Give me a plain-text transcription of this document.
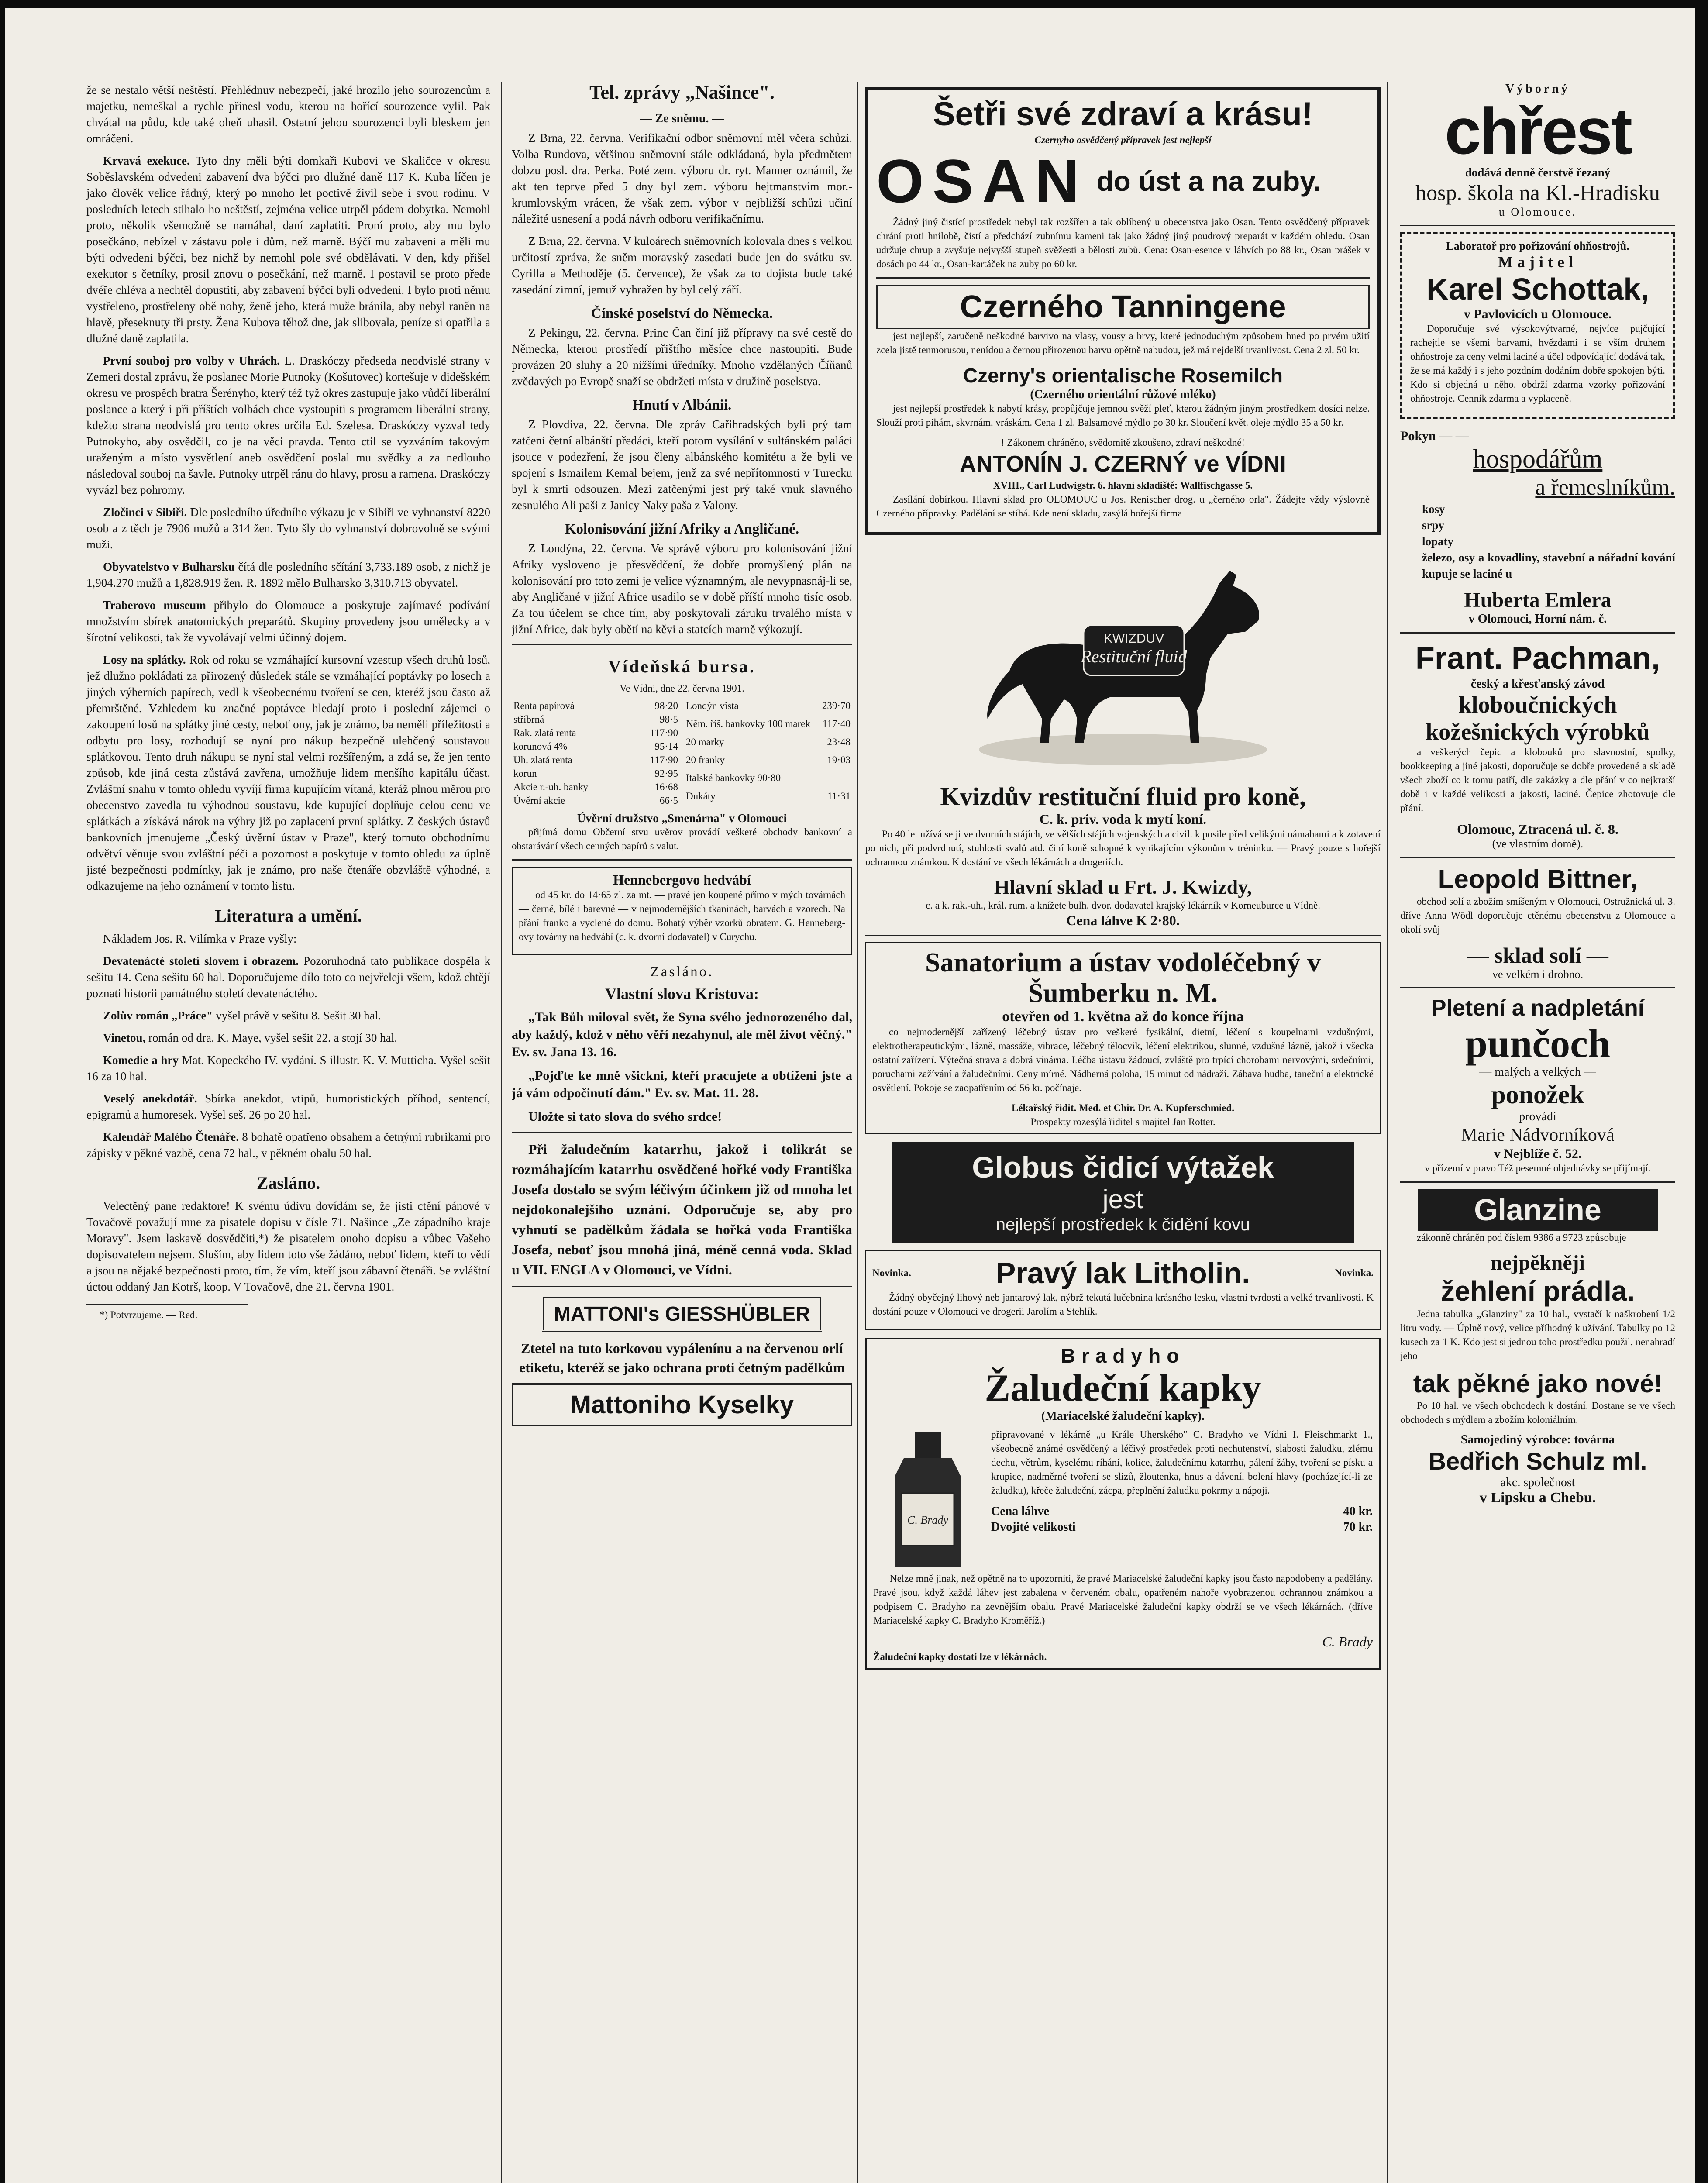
že se nestalo větší neštěstí. Přehlédnuv nebezpečí, jaké hrozilo jeho sourozencům a majetku, nemeškal a rychle přinesl vodu, kterou na hořící sourozence vylil. Pak chvátal na půdu, kde také oheň uhasil. Ostatní jehou sourozenci byli bleskem jen omráčeni.

Krvavá exekuce. Tyto dny měli býti domkaři Kubovi ve Skaličce v okresu Soběslavském odvedeni zabavení dva býčci pro dlužné daně 117 K. Kuba líčen je jako člověk velice řádný, který po mnoho let poctivě živil sebe i svou rodinu. V posledních letech stihalo ho neštěstí, zejména velice utrpěl pádem dobytka. Nemohl proto, několik všemožně se namáhal, daní zaplatiti. Proní proto, aby mu bylo posečkáno, nebízel v zástavu pole i dům, než marně. Býčí mu zabaveni a měli mu býti odvedeni býčci, bez nichž by nemohl pole své obdělávati. V den, kdy přišel exekutor s četníky, prosil znovu o posečkání, než marně. I postavil se proto přede dvéře chléva a nechtěl dopustiti, aby zabavení býčci byli odvedeni. I bylo proti němu vystřeleno, prostřeleny obě nohy, ženě jeho, která muže bránila, aby nebyl raněn na hlavě, přeseknuty tři prsty. Žena Kubova těhož dne, jak slibovala, peníze si opatřila a dlužné daně zaplatila.

První souboj pro volby v Uhrách. L. Draskóczy předseda neodvislé strany v Zemeri dostal zprávu, že poslanec Morie Putnoky (Košutovec) kortešuje v didešském okresu ve prospěch bratra Šerényho, který též tyž okres zastupuje jako vůdčí liberální poslance a který i při příštích volbách chce vystoupiti s programem liberální strany, kdežto strana neodvislá pro tento okres určila Ed. Szelesa. Draskóczy vyzval tedy Putnokyho, aby osvědčil, co je na věci pravda. Tento ctil se vyzváním takovým uraženým a místo vysvětlení aneb osvědčení poslal mu svědky a za nedlouho následoval souboj na šavle. Putnoky utrpěl ránu do hlavy, prosu a ramena. Draskóczy vyvázl bez pohromy.

Zločinci v Sibiři. Dle posledního úředního výkazu je v Sibiři ve vyhnanství 8220 osob a z těch je 7906 mužů a 314 žen. Tyto šly do vyhnanství dobrovolně se svými muži.

Obyvatelstvo v Bulharsku čítá dle posledního sčítání 3,733.189 osob, z nichž je 1,904.270 mužů a 1,828.919 žen. R. 1892 mělo Bulharsko 3,310.713 obyvatel.

Traberovo museum přibylo do Olomouce a poskytuje zajímavé podívání množstvím sbírek anatomických preparátů. Skupiny provedeny jsou umělecky a v šírotní velikosti, tak že vyvolávají velmi účinný dojem.

Losy na splátky. Rok od roku se vzmáhající kursovní vzestup všech druhů losů, jež dlužno pokládati za přirozený důsledek stále se vzmáhající poptávky po losech a jiných výherních papírech, vedl k všeobecnému tvoření se cen, kteréž jsou často až přemrštěné. Vzhledem ku značné poptávce hledají proto i poslední zájemci o zakoupení losů na splátky jiné cesty, neboť ony, jak je známo, ba neměli příležitosti a odbytu pro losy, rozhodují se nyní pro nákup bezpečně ulehčený soustavou splátkovou. Tento druh nákupu se nyní stal velmi rozšířeným, a zdá se, že jen tento způsob, kde jiná cesta zůstává zavřena, umožňuje lidem menšího kapitálu účast. Zvláštní snahu v tomto ohledu vyvíjí firma kupujícím vítaná, kteráž plnou měrou pro obecenstvo zavedla tu výhodnou soustavu, kde kupující doplňuje celou cenu ve splátkách a získává nárok na výhry již po zaplacení první splátky. Z českých ústavů bankovních jmenujeme „Český úvěrní ústav v Praze", který tomuto obchodnímu odvětví věnuje svou zvláštní péči a pozornost a poskytuje v tomto ohledu za úplně jisté bezpečnosti podmínky, jak je známo, pro naše čtenáře obzvláště výhodné, a odkazujeme na jeho oznámení v tomto listu.

Literatura a umění.

Nákladem Jos. R. Vilímka v Praze vyšly:

Devatenácté století slovem i obrazem. Pozoruhodná tato publikace dospěla k sešitu 14. Cena sešitu 60 hal. Doporučujeme dílo toto co nejvřeleji všem, kdož chtějí poznati historii památného století devatenáctého.

Zolův román „Práce" vyšel právě v sešitu 8. Sešit 30 hal.

Vinetou, román od dra. K. Maye, vyšel sešit 22. a stojí 30 hal.

Komedie a hry Mat. Kopeckého IV. vydání. S illustr. K. V. Muttichа. Vyšel sešit 16 za 10 hal.

Veselý anekdotář. Sbírka anekdot, vtipů, humoristických příhod, sentencí, epigramů a humoresek. Vyšel seš. 26 po 20 hal.

Kalendář Malého Čtenáře. 8 bohatě opatřeno obsahem a četnými rubrikami pro zápisky v pěkné vazbě, cena 72 hal., v pěkném obalu 50 hal.

Zasláno.

Velectěný pane redaktore! K svému údivu dovídám se, že jisti ctění pánové v Tovačově považují mne za pisatele dopisu v čísle 71. Našince „Ze západního kraje Moravy". Jsem laskavě dosvědčiti,*) že pisatelem onoho dopisu a vůbec Vašeho dopisovatelem nejsem. Sluším, aby lidem toto vše žádáno, neboť lidem, kteří to vědí a jsou na nějaké bezpečnosti proto, tím, že vím, kteří jsou zábavní čtenáři. Se zvláštní úctou oddaný Jan Kotrš, koop. V Tovačově, dne 21. června 1901.

*) Potvrzujeme. — Red.

Tel. zprávy „Našince".
— Ze sněmu. —

Z Brna, 22. června. Verifikační odbor sněmovní měl včera schůzi. Volba Rundova, většinou sněmovní stále odkládaná, byla předmětem dobzu posl. dra. Perka. Poté zem. výboru dr. ryt. Manner oznámil, že akt ten teprve před 5 dny byl zem. výboru hejtmanstvím mor.-krumlovským vrácen, že však zem. výbor v nejbližší schůzi učiní náležité usnesení a podá návrh odboru verifikačnímu.

Z Brna, 22. června. V kuloárech sněmovních kolovala dnes s velkou určitostí zpráva, že sněm moravský zasedati bude jen do svátku sv. Cyrilla a Methoděje (5. července), že však za to dojista bude také zasedání zimní, jemuž vyhražen by byl celý září.

Čínské poselství do Německa.

Z Pekingu, 22. června. Princ Čan činí již přípravy na své cestě do Německa, kterou prostředí přištího měsíce chce nastoupiti. Bude provázen 20 sluhy a 20 nižšími úředníky. Mnoho vzdělaných Číňanů zvědavých po Evropě snaží se obdržeti místa v družině poselstva.

Hnutí v Albánii.

Z Plovdiva, 22. června. Dle zpráv Cařihradských byli prý tam zatčeni četní albánští předáci, kteří potom vysílání v sultánském paláci jsouce v podezření, že jsou členy albánského komitétu a že byli ve spojení s Ismailem Kemal bejem, jenž za své nepřítomnosti v Turecku byl k smrti odsouzen. Mezi zatčenými jest prý také vnuk slavného zesnulého Ali paši z Janicy Naky paša z Valony.

Kolonisování jižní Afriky a Angličané.

Z Londýna, 22. června. Ve správě výboru pro kolonisování jižní Afriky vysloveno je přesvědčení, že dobře promyšlený plán na kolonisování pro toto zemi je velice významným, ale nevypnasnáj-li se, aby Angličané v jižní Africe usadilo se v době příští mnoho tisíc osob. Za tou účelem se chce tím, aby poskytovali záruku trvalého místa v jižní Africe, dak byly obětí na kěvi a statcích marně výkozují.

Vídeňská bursa.
Ve Vídni, dne 22. června 1901.
Renta papírová	98·20
stříbrná	98·5
Rak. zlatá renta	117·90
korunová 4%	95·14
Uh. zlatá renta	117·90
korun	92·95
Akcie r.-uh. banky	16·68
Úvěrní akcie	66·5
Londýn vista	239·70
Něm. říš. bankovky 100 marek	117·40
20 marky	23·48
20 franky	19·03
Italské bankovky 90·80	
Dukáty	11·31
Úvěrní družstvo „Smenárna" v Olomouci

přijímá domu Občerní stvu uvěrov provádí veškeré obchody bankovní a obstarávání všech cenných papírů s valut.

Hennebergovo hedvábí

od 45 kr. do 14·65 zl. za mt. — pravé jen koupené přímo v mých továrnách — černé, bílé i barevné — v nejmodernějších tkaninách, barvách a vzorech. Na přání franko a vyclené do domu. Bohatý výběr vzorků obratem. G. Henneberg-ovy továrny na hedvábí (c. k. dvorní dodavatel) v Curychu.

Zasláno.
Vlastní slova Kristova:

„Tak Bůh miloval svět, že Syna svého jednorozeného dal, aby každý, kdož v něho věří nezahynul, ale měl život věčný." Ev. sv. Jana 13. 16.

„Pojďte ke mně všickni, kteří pracujete a obtíženi jste a já vám odpočinutí dám." Ev. sv. Mat. 11. 28.

Uložte si tato slova do svého srdce!

Při žaludečním katarrhu, jakož i tolikrát se rozmáhajícím katarrhu osvědčené hořké vody Františka Josefa dostalo se svým léčivým účinkem již od mnoha let nejdokonalejšího uznání. Odporučuje se, aby pro vyhnutí se padělkům žádala se hořká voda Františka Josefa, neboť jsou mnohá jiná, méně cenná voda. Sklad u VII. ENGLA v Olomouci, ve Vídni.

MATTONI's GIESSHÜBLER

Ztetel na tuto korkovou vypálenínu a na červenou orlí etiketu, kteréž se jako ochrana proti četným padělkům

Mattoniho Kyselky
Šetři své zdraví a krásu!
Czernyho osvědčený přípravek jest nejlepší
OSAN do úst a na zuby.

Žádný jiný čistící prostředek nebyl tak rozšířen a tak oblíbený u obecenstva jako Osan. Tento osvědčený přípravek chrání proti hnilobě, čistí a předchází zubnímu kameni tak jako žádný jiný poudrový preparát v každém ohledu. Osan udržuje chrup a zvyšuje nejvyšší stupeň svěžesti a bělosti zubů. Cena: Osan-esence v láhvích po 88 kr., Osan prášek v dosách po 44 kr., Osan-kartáček na zuby po 60 kr.

Czerného Tanningene

jest nejlepší, zaručeně neškodné barvivo na vlasy, vousy a brvy, které jednoduchým způsobem hned po prvém užití zcela jistě tenmorusou, nenídou a černou přirozenou barvu opětně nabudou, jež má nejdelší trvanlivost. Cena 2 zl. 50 kr.

Czerny's orientalische Rosemilch
(Czerného orientální růžové mléko)

jest nejlepší prostředek k nabytí krásy, propůjčuje jemnou svěží pleť, kterou žádným jiným prostředkem dosíci nelze. Slouží proti pihám, skvrnám, vráskám. Cena 1 zl. Balsamové mýdlo po 30 kr. Sloučení květ. oleje mýdlo 35 a 50 kr.

! Zákonem chráněno, svědomitě zkoušeno, zdraví neškodné!
ANTONÍN J. CZERNÝ ve VÍDNI
XVIII., Carl Ludwigstr. 6. hlavní skladiště: Wallfischgasse 5.

Zasílání dobírkou. Hlavní sklad pro OLOMOUC u Jos. Renischer drog. u „černého orla". Žádejte vždy výslovně Czerného přípravky. Padělání se stíhá. Kde není skladu, zasýlá hořejší firma

KWIZDUV
Restituční fluid
Kvizdův restituční fluid pro koně,
C. k. priv. voda k mytí koní.

Po 40 let užívá se ji ve dvorních stájích, ve větších stájích vojenských a civil. k posile před velikými námahami a k zotavení po nich, při podvrdnutí, stuhlosti svalů atd. činí koně schopné k vynikajícím výkonům v tréninku. — Pravý pouze s hořejší ochrannou známkou. K dostání ve všech lékárnách a drogeriích.

Hlavní sklad u Frt. J. Kwizdy,
c. a k. rak.-uh., král. rum. a knížete bulh. dvor. dodavatel krajský lékárník v Korneuburce u Vídně.
Cena láhve K 2·80.
Sanatorium a ústav vodoléčebný v Šumberku n. M.
otevřen od 1. května až do konce října

co nejmodernější zařízený léčebný ústav pro veškeré fysikální, dietní, léčení s koupelnami vzdušnými, elektrotherapeutickými, lázně, massáže, vibrace, léčebný tělocvik, léčení elektrikou, slunné, vzdušné lázně, jakož i všecka ostatní zařízení. Výtečná strava a dobrá vinárna. Léčba ústavu žádoucí, zvláště pro trpící chorobami nervovými, srdečními, poruchami zažívání a žaludečními. Ceny mírné. Nádherná poloha, 15 minut od nádraží. Zábava hudba, taneční a elektrické osvětlení. Pokoje se zaopatřením od 56 kr. počínaje.

Lékařský řidit. Med. et Chir. Dr. A. Kupferschmied.
Prospekty rozesýlá řiditel s majitel Jan Rotter.
Globus čidicí výtažek
jest
nejlepší prostředek k čidění kovu
Novinka.	Pravý lak Litholin.	Novinka.

Žádný obyčejný lihový neb jantarový lak, nýbrž tekutá lučebnina krásného lesku, vlastní tvrdosti a velké trvanlivosti. K dostání pouze v Olomouci ve drogerii Jarolím a Stehlík.

Bradyho
Žaludeční kapky
(Mariacelské žaludeční kapky).
C. Brady

připravované v lékárně „u Krále Uherského" C. Bradyho ve Vídni I. Fleischmarkt 1., všeobecně známé osvědčený a léčivý prostředek proti nechutenství, slabosti žaludku, zlému dechu, větrům, kyselému ríhání, kolice, žaludečnímu katarrhu, pálení žáhy, tvoření se písku a krupice, nadměrné tvoření se slizů, žloutenka, hnus a dávení, bolení hlavy (pocházející-li ze žaludku), křeče žaludeční, zácpa, přeplnění žaludku pokrmy a nápoji.

Cena láhve	40 kr.
Dvojité velikosti	70 kr.

Nelze mně jinak, než opětně na to upozorniti, že pravé Mariacelské žaludeční kapky jsou často napodobeny a padělány. Pravé jsou, když každá láhev jest zabalena v červeném obalu, opatřeném nahoře vyobrazenou ochrannou známkou a podpisem C. Bradyho na zevnějším obalu. Pravé Mariacelské žaludeční kapky obdrží se ve všech lékárnách. (dříve Mariacelské kapky C. Bradyho Kroměříž.)

C. Brady
Žaludeční kapky dostati lze v lékárnách.
Výborný
chřest
dodává denně čerstvě řezaný
hosp. škola na Kl.-Hradisku
u Olomouce.
Laboratoř pro pořizování ohňostrojů.
Majitel
Karel Schottak,
v Pavlovicích u Olomouce.

Doporučuje své výsokovýtvarné, nejvíce pujčující rachejtle se všemi barvami, hvězdami i se vším druhem ohňostroje za ceny velmi laciné a účel odpovídající dodává tak, že se má každý i s jeho pozdním dodáním dobře spokojen býti. Kdo si objedná u něho, obdrží zdarma vzorky pořizování ohňostroje. Cenník zdarma a vyplaceně.

Pokyn — —
hospodářům
a řemeslníkům.

kosy
srpy
lopaty
železo, osy a kovadliny, stavební a nářadní kování kupuje se laciné u

Huberta Emlera
v Olomouci, Horní nám. č.
Frant. Pachman,
český a křesťanský závod
kloboučnických kožešnických výrobků

a veškerých čepic a klobouků pro slavnostní, spolky, bookkeeping a jiné jakosti, doporučuje se dobře provedené a skladě všech zboží co k tomu patří, dle zakázky a dle přání v co nejkratší době i v každé velikosti a jakosti, laciné. Čepice zhotovuje dle přání.

Olomouc, Ztracená ul. č. 8.
(ve vlastním domě).
Leopold Bittner,

obchod solí a zbožím smíšeným v Olomouci, Ostružnická ul. 3. dříve Anna Wödl doporučuje ctěnému obecenstvu z Olomouce a okolí svůj

— sklad solí —
ve velkém i drobno.
Pletení a nadpletání
punčoch
— malých a velkých —
ponožek
provádí
Marie Nádvorníková
v Nejblíže č. 52.

v přízemí v pravo Též pesemné objednávky se přijímají.

Glanzine

zákonně chráněn pod číslem 9386 a 9723 způsobuje

nejpěkněji
žehlení prádla.

Jedna tabulka „Glanziny" za 10 hal., vystačí k naškrobení 1/2 litru vody. — Úplně nový, velice příhodný k užívání. Tabulky po 12 kusech za 1 K. Kdo jest si jednou toho prostředku použil, nenahradí jeho

tak pěkné jako nové!

Po 10 hal. ve všech obchodech k dostání. Dostane se ve všech obchodech s mýdlem a zbožím koloniálním.

Samojediný výrobce: továrna
Bedřich Schulz ml.
akc. společnost
v Lipsku a Chebu.
